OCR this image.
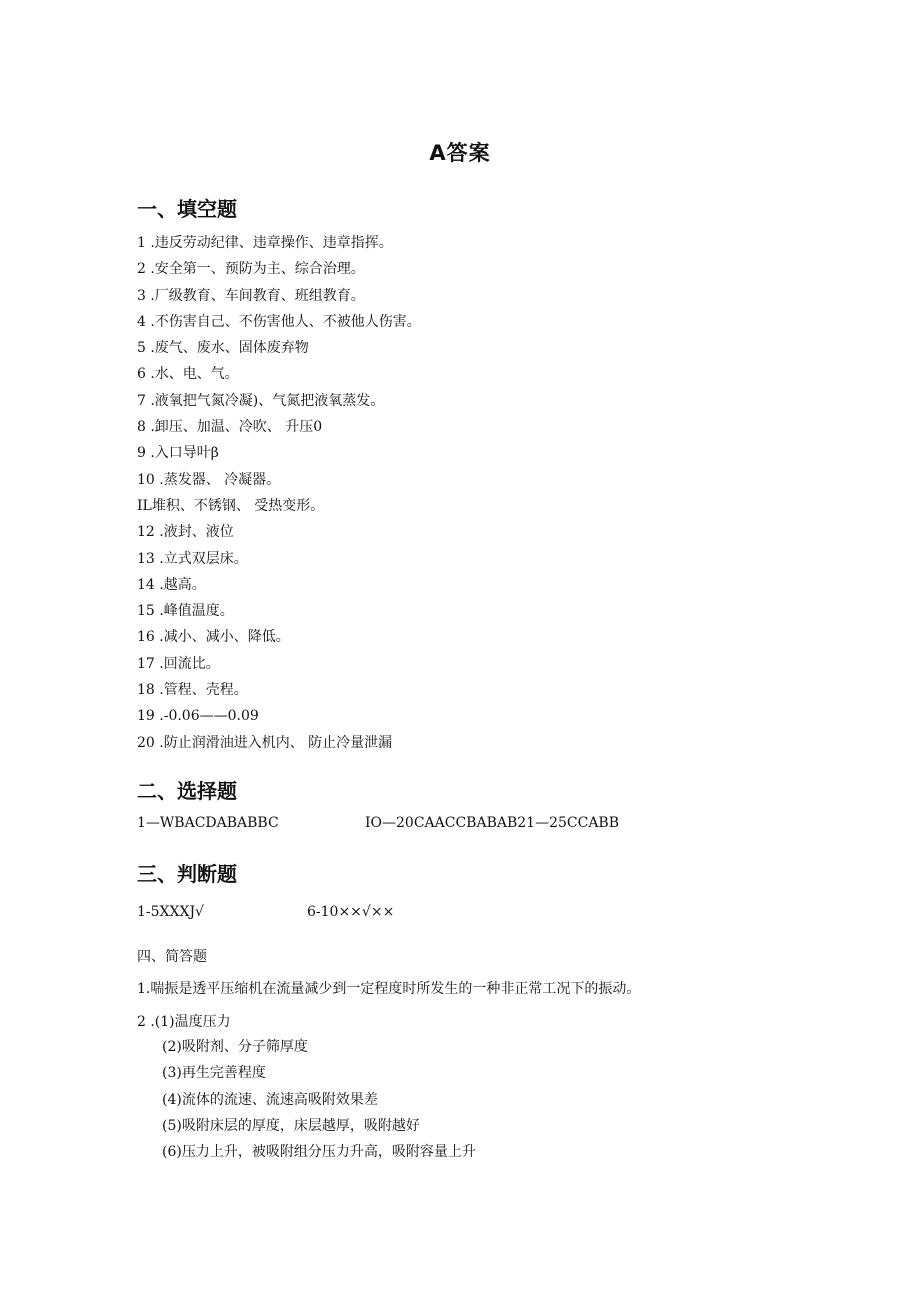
A答案
一、填空题
1 .违反劳动纪律、违章操作、违章指挥。
2 .安全第一、预防为主、综合治理。
3 .厂级教育、车间教育、班组教育。
4 .不伤害自己、不伤害他人、不被他人伤害。
5 .废气、废水、固体废弃物
6 .水、电、气。
7 .液氧把气氮冷凝)、气氮把液氧蒸发。
8 .卸压、加温、冷吹、 升压0
9 .入口导叶β
10 .蒸发器、 冷凝器。
IL堆积、不锈钢、 受热变形。
12 .液封、液位
13 .立式双层床。
14 .越高。
15 .峰值温度。
16 .减小、减小、降低。
17 .回流比。
18 .管程、壳程。
19 .-0.06——0.09
20 .防止润滑油进入机内、 防止冷量泄漏
二、选择题
1—WBACDABABBC	IO—20CAACCBABAB21—25CCABB
三、判断题
1-5XXXJ√	6-10××√××
四、简答题
1.喘振是透平压缩机在流量减少到一定程度时所发生的一种非正常工况下的振动。
2 .(1)温度压力
(2)吸附剂、分子筛厚度
(3)再生完善程度
(4)流体的流速、流速高吸附效果差
(5)吸附床层的厚度，床层越厚，吸附越好
(6)压力上升，被吸附组分压力升高，吸附容量上升
